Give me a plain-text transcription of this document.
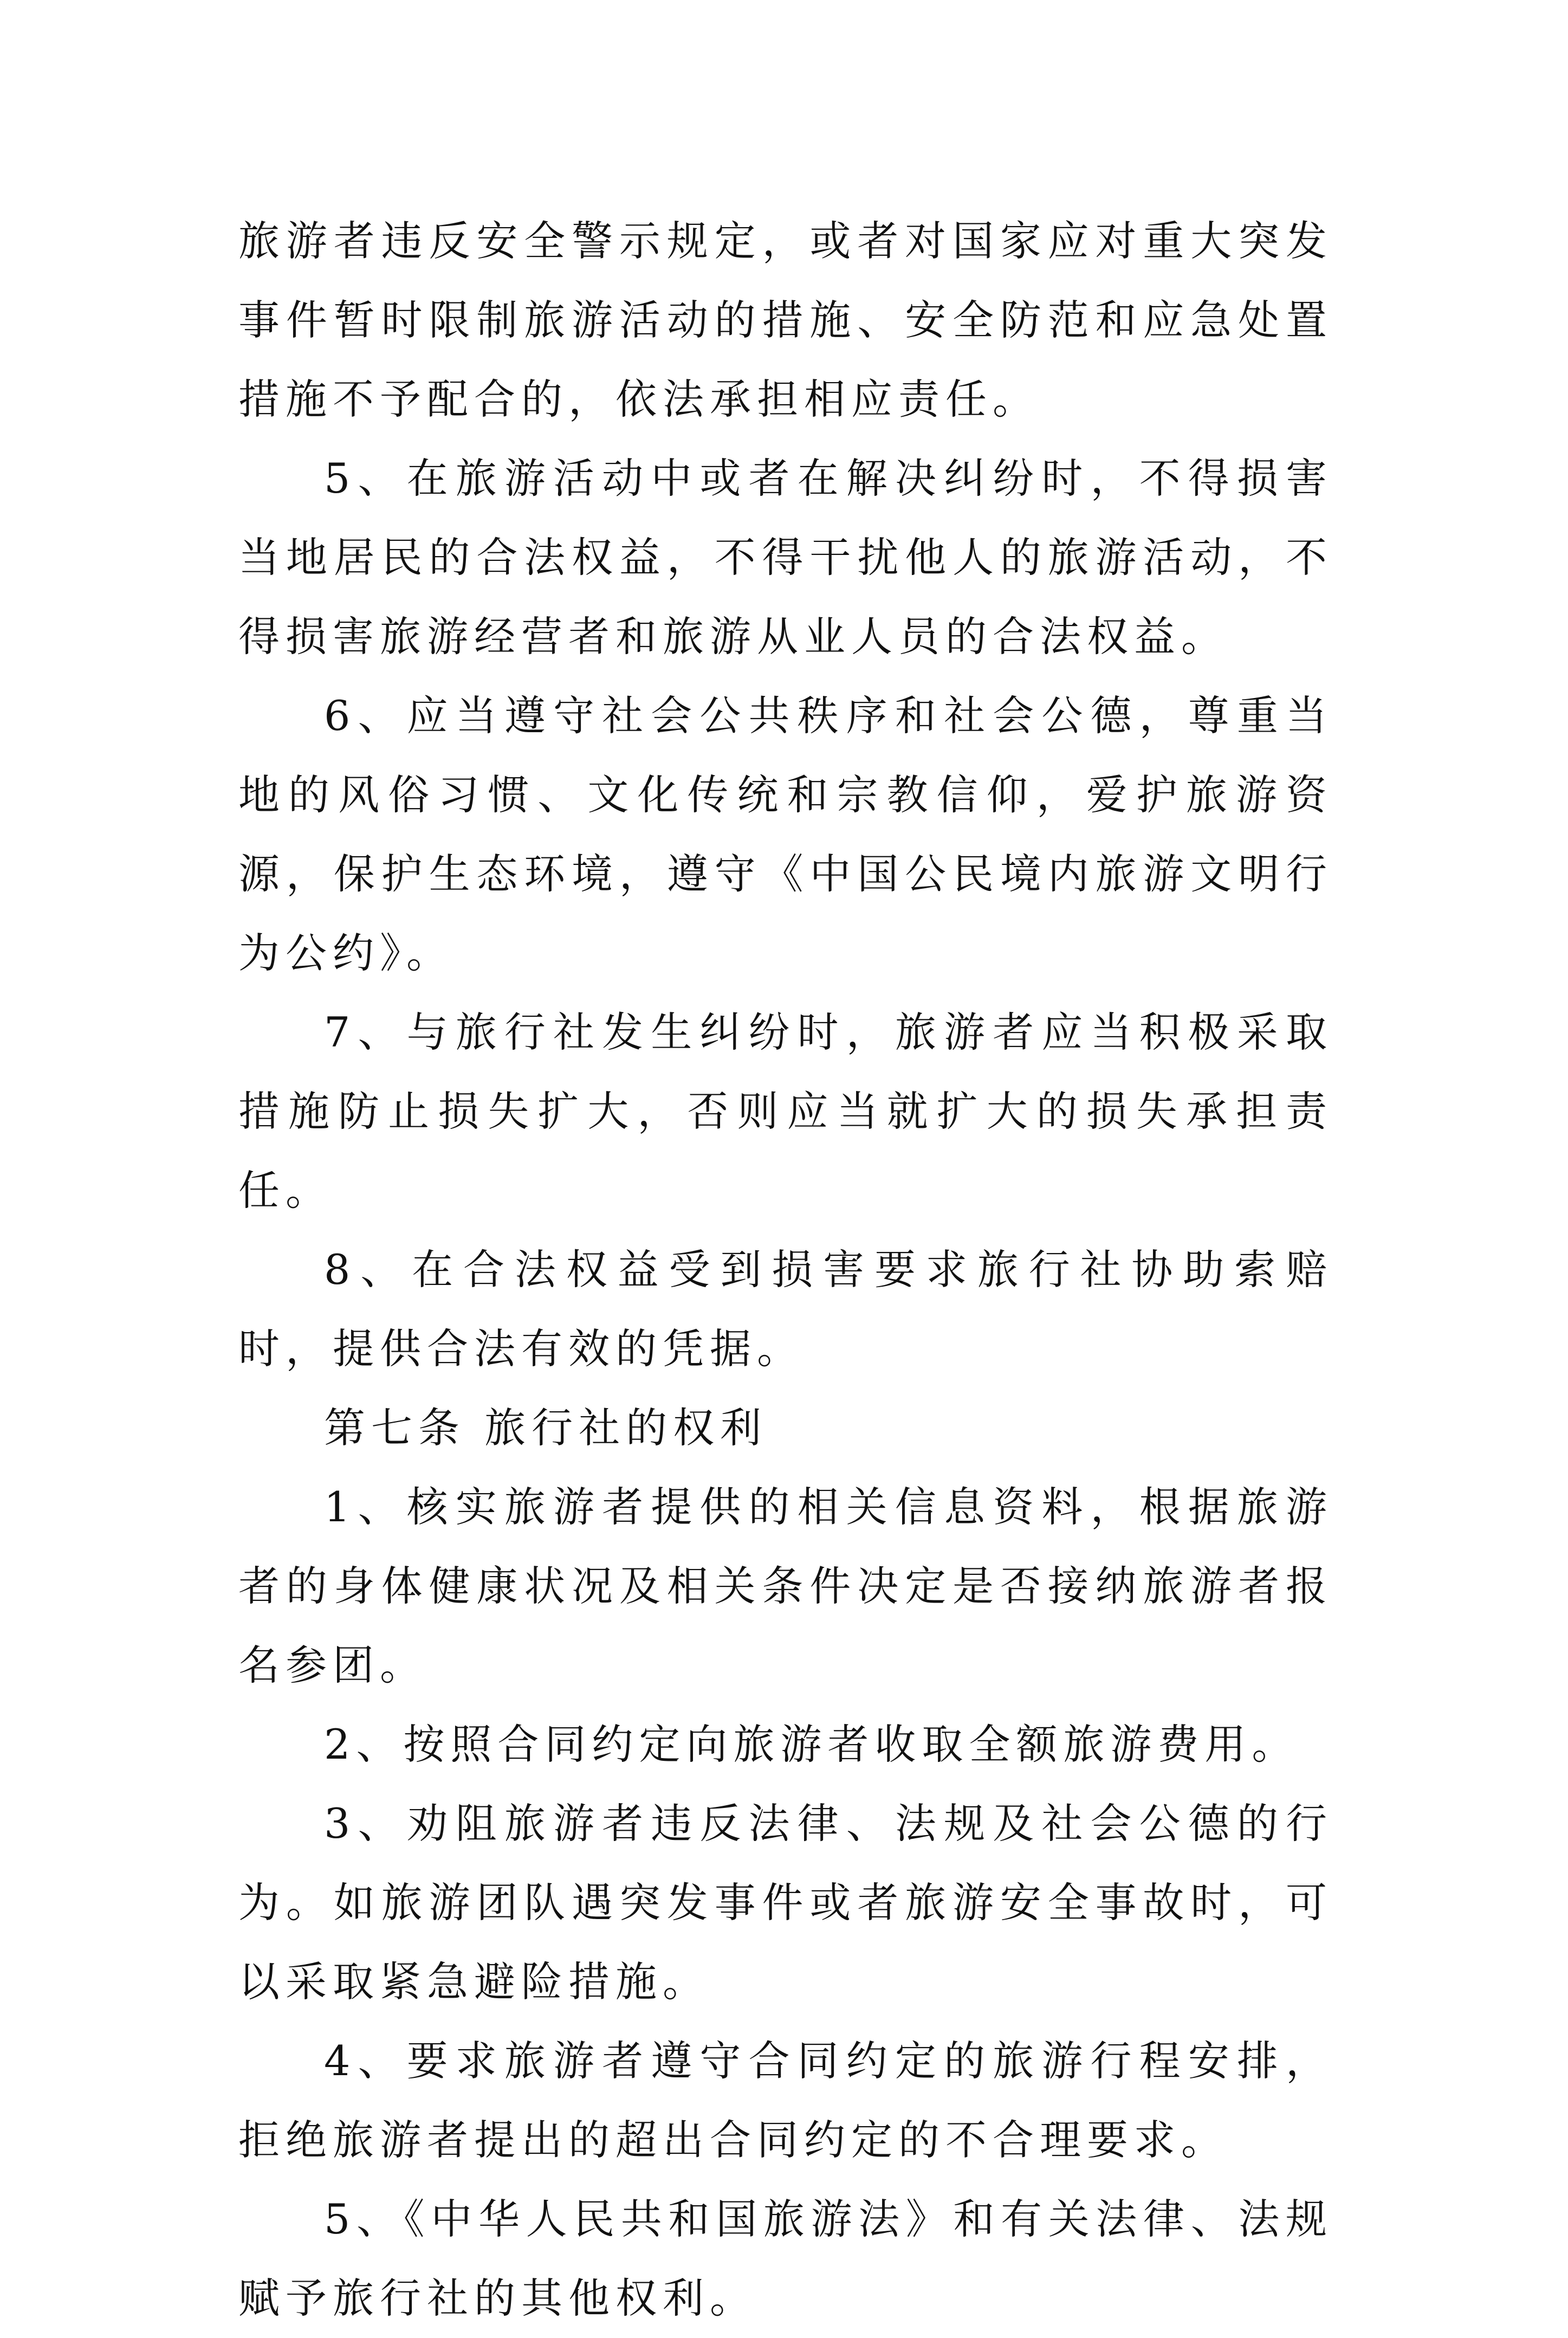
旅游者违反安全警示规定，或者对国家应对重大突发事件暂时限制旅游活动的措施、安全防范和应急处置措施不予配合的，依法承担相应责任。

5、在旅游活动中或者在解决纠纷时，不得损害当地居民的合法权益，不得干扰他人的旅游活动，不得损害旅游经营者和旅游从业人员的合法权益。

6、应当遵守社会公共秩序和社会公德，尊重当地的风俗习惯、文化传统和宗教信仰，爱护旅游资源，保护生态环境，遵守《中国公民境内旅游文明行为公约》。

7、与旅行社发生纠纷时，旅游者应当积极采取措施防止损失扩大，否则应当就扩大的损失承担责任。

8、在合法权益受到损害要求旅行社协助索赔时，提供合法有效的凭据。

第七条 旅行社的权利

1、核实旅游者提供的相关信息资料，根据旅游者的身体健康状况及相关条件决定是否接纳旅游者报名参团。

2、按照合同约定向旅游者收取全额旅游费用。

3、劝阻旅游者违反法律、法规及社会公德的行为。如旅游团队遇突发事件或者旅游安全事故时，可以采取紧急避险措施。

4、要求旅游者遵守合同约定的旅游行程安排，拒绝旅游者提出的超出合同约定的不合理要求。

5、《中华人民共和国旅游法》和有关法律、法规赋予旅行社的其他权利。
